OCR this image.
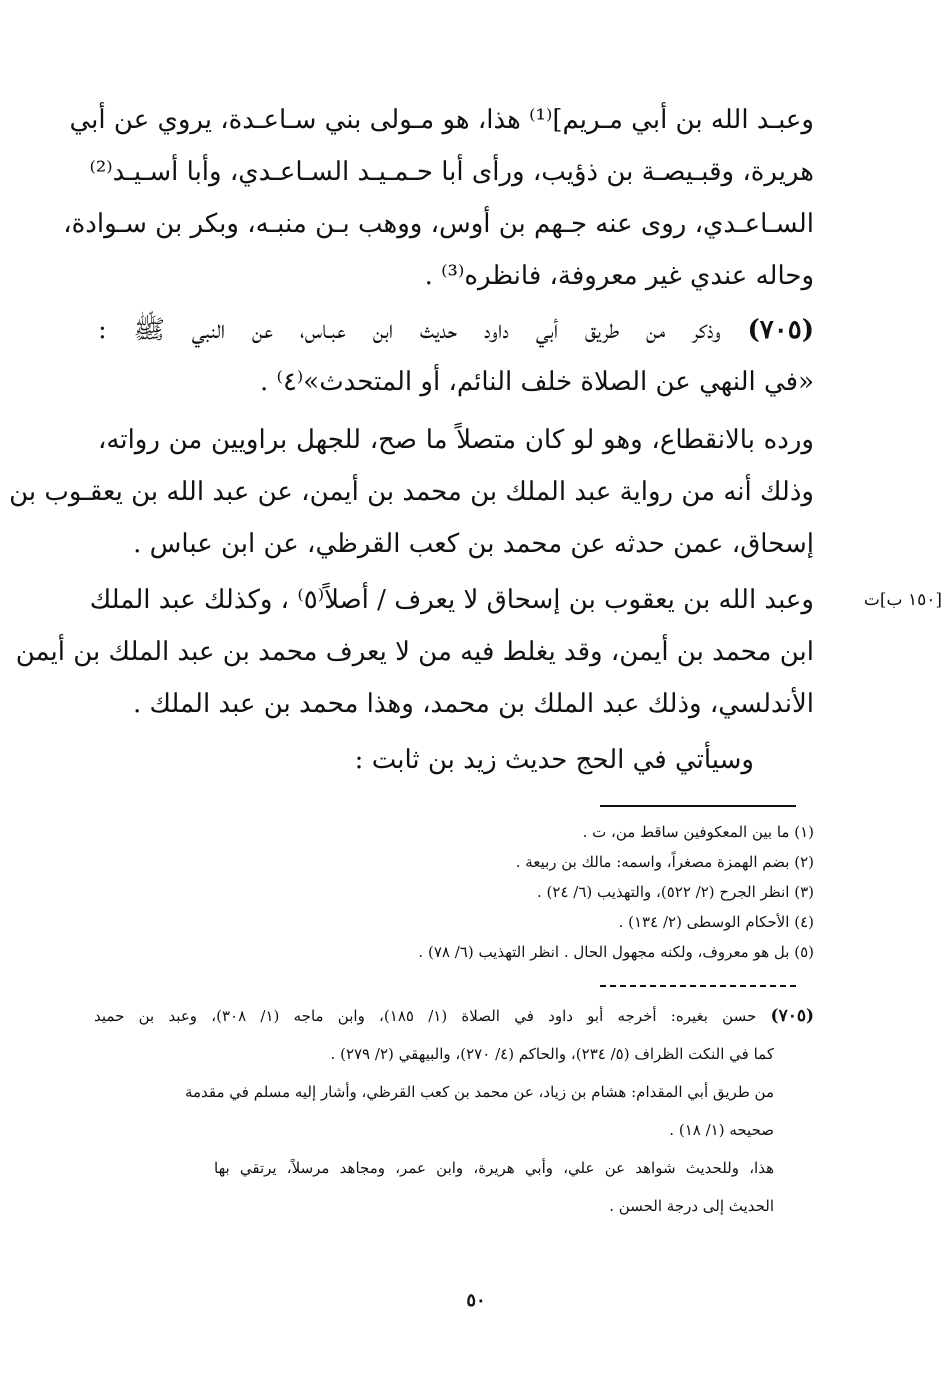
وعبـد الله بن أبي مـريم]⁽¹⁾ هذا، هو مـولى بني سـاعـدة، يروي عن أبي
هريرة، وقبـيصـة بن ذؤيب، ورأى أبا حـمـيـد السـاعـدي، وأبا أسـيـد⁽²⁾
السـاعـدي، روى عنه جـهم بن أوس، ووهب بـن منبـه، وبكر بن سـوادة،
وحاله عندي غير معروفة، فانظره⁽³⁾ .
(٧٠٥) وذكر من طريق أبي داود حديث ابن عبـاس، عن النبي ﷺ :
«في النهي عن الصلاة خلف النائم، أو المتحدث»⁽٤⁾ .
ورده بالانقطاع، وهو لو كان متصلاً ما صح، للجهل براويين من رواته،
وذلك أنه من رواية عبد الملك بن محمد بن أيمن، عن عبد الله بن يعقـوب بن
إسحاق، عمن حدثه عن محمد بن كعب القرظي، عن ابن عباس .
وعبد الله بن يعقوب بن إسحاق لا يعرف / أصلاً⁽٥⁾ ، وكذلك عبد الملك
ابن محمد بن أيمن، وقد يغلط فيه من لا يعرف محمد بن عبد الملك بن أيمن
الأندلسي، وذلك عبد الملك بن محمد، وهذا محمد بن عبد الملك .
وسيأتي في الحج حديث زيد بن ثابت :
[١٥٠ ب]ت
(١) ما بين المعكوفين ساقط من، ت .
(٢) بضم الهمزة مصغراً، واسمه: مالك بن ربيعة .
(٣) انظر الجرح (٢/ ٥٢٢)، والتهذيب (٦/ ٢٤) .
(٤) الأحكام الوسطى (٢/ ١٣٤) .
(٥) بل هو معروف، ولكنه مجهول الحال . انظر التهذيب (٦/ ٧٨) .
(٧٠٥) حسن بغيره: أخرجه أبو داود في الصلاة (١/ ١٨٥)، وابن ماجه (١/ ٣٠٨)، وعبد بن حميد
كما في النكت الظراف (٥/ ٢٣٤)، والحاكم (٤/ ٢٧٠)، والبيهقي (٢/ ٢٧٩) .
من طريق أبي المقدام: هشام بن زياد، عن محمد بن كعب القرظي، وأشار إليه مسلم في مقدمة
صحيحه (١/ ١٨) .
هذا، وللحديث شواهد عن علي، وأبي هريرة، وابن عمر، ومجاهد مرسلاً، يرتقي بها
الحديث إلى درجة الحسن .
٥٠
